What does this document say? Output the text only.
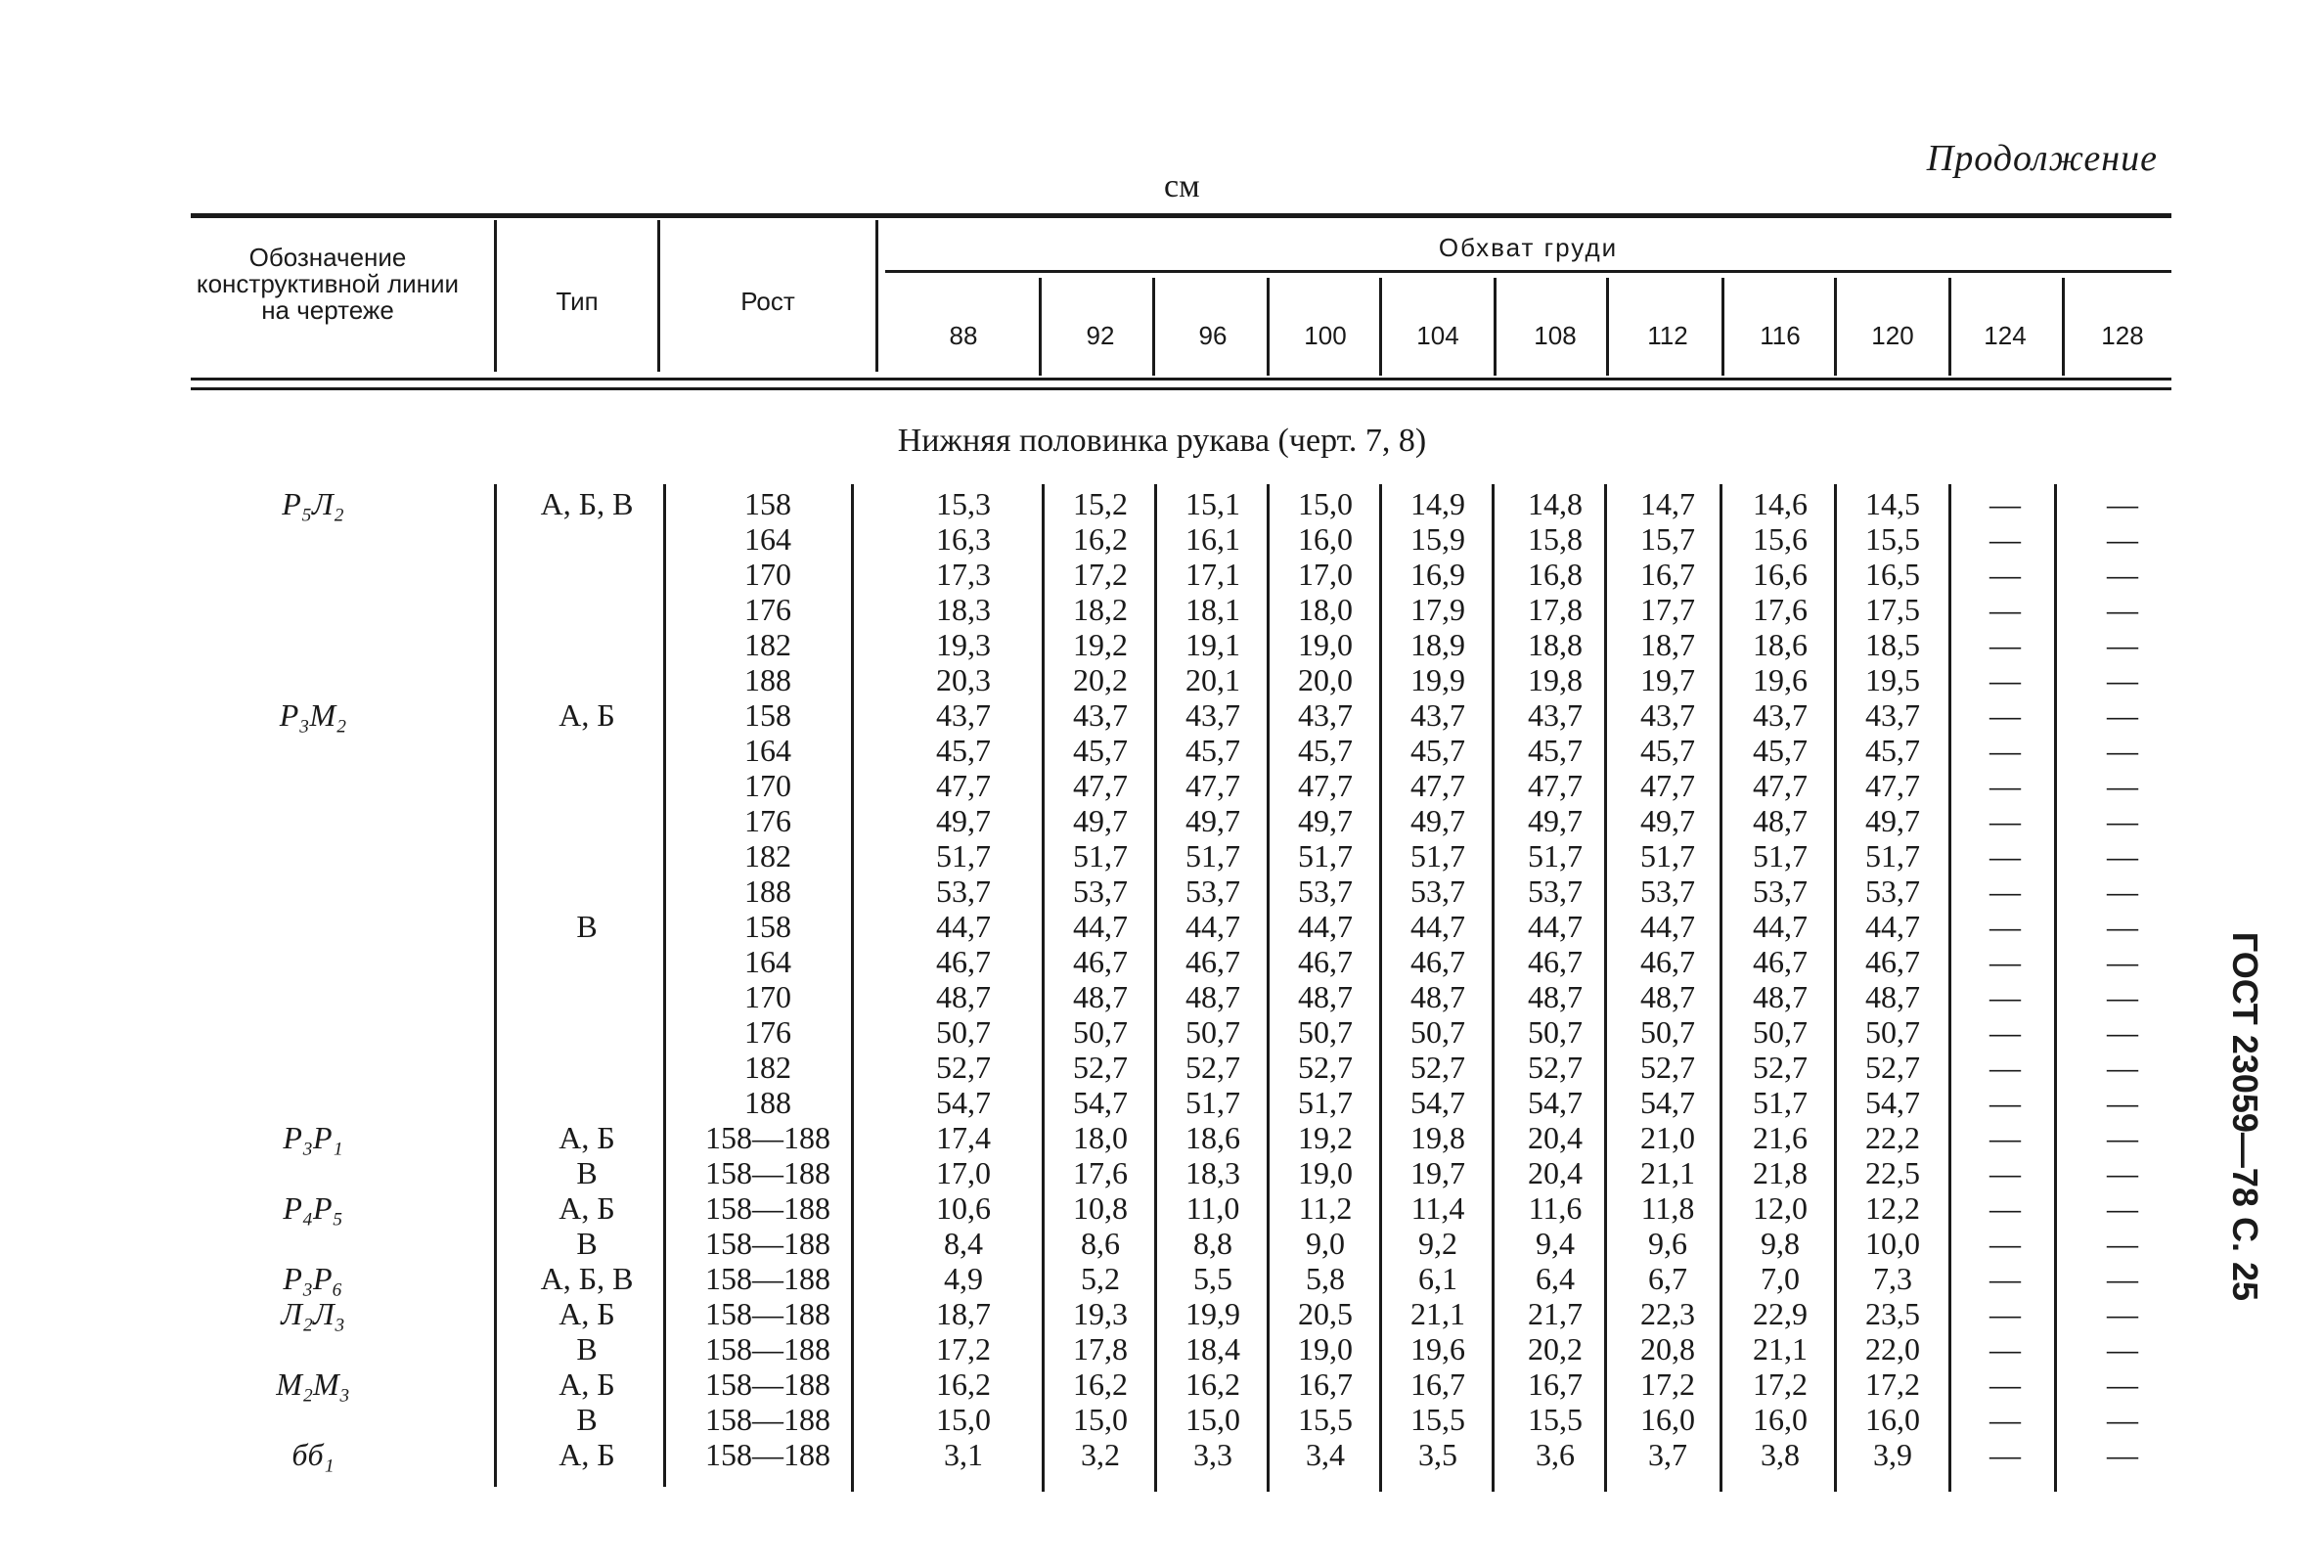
Продолжение
см
Обозначение конструктивной линии на чертеже	Тип	Рост
Обхват груди
88	92	96	100	104	108	112	116	120	124	128
Нижняя половинка рукава (черт. 7, 8)
Р₅Л₂	А, Б, В	158	15,3	15,2	15,1	15,0	14,9	14,8	14,7	14,6	14,5	—	—
164	16,3	16,2	16,1	16,0	15,9	15,8	15,7	15,6	15,5	—	—
170	17,3	17,2	17,1	17,0	16,9	16,8	16,7	16,6	16,5	—	—
176	18,3	18,2	18,1	18,0	17,9	17,8	17,7	17,6	17,5	—	—
182	19,3	19,2	19,1	19,0	18,9	18,8	18,7	18,6	18,5	—	—
188	20,3	20,2	20,1	20,0	19,9	19,8	19,7	19,6	19,5	—	—
Р₃М₂	А, Б	158	43,7	43,7	43,7	43,7	43,7	43,7	43,7	43,7	43,7	—	—
164	45,7	45,7	45,7	45,7	45,7	45,7	45,7	45,7	45,7	—	—
170	47,7	47,7	47,7	47,7	47,7	47,7	47,7	47,7	47,7	—	—
176	49,7	49,7	49,7	49,7	49,7	49,7	49,7	48,7	49,7	—	—
182	51,7	51,7	51,7	51,7	51,7	51,7	51,7	51,7	51,7	—	—
188	53,7	53,7	53,7	53,7	53,7	53,7	53,7	53,7	53,7	—	—
В	158	44,7	44,7	44,7	44,7	44,7	44,7	44,7	44,7	44,7	—	—
164	46,7	46,7	46,7	46,7	46,7	46,7	46,7	46,7	46,7	—	—
170	48,7	48,7	48,7	48,7	48,7	48,7	48,7	48,7	48,7	—	—
176	50,7	50,7	50,7	50,7	50,7	50,7	50,7	50,7	50,7	—	—
182	52,7	52,7	52,7	52,7	52,7	52,7	52,7	52,7	52,7	—	—
188	54,7	54,7	51,7	51,7	54,7	54,7	54,7	51,7	54,7	—	—
Р₃Р₁	А, Б	158—188	17,4	18,0	18,6	19,2	19,8	20,4	21,0	21,6	22,2	—	—
В	158—188	17,0	17,6	18,3	19,0	19,7	20,4	21,1	21,8	22,5	—	—
Р₄Р₅	А, Б	158—188	10,6	10,8	11,0	11,2	11,4	11,6	11,8	12,0	12,2	—	—
В	158—188	8,4	8,6	8,8	9,0	9,2	9,4	9,6	9,8	10,0	—	—
Р₃Р₆	А, Б, В	158—188	4,9	5,2	5,5	5,8	6,1	6,4	6,7	7,0	7,3	—	—
Л₂Л₃	А, Б	158—188	18,7	19,3	19,9	20,5	21,1	21,7	22,3	22,9	23,5	—	—
В	158—188	17,2	17,8	18,4	19,0	19,6	20,2	20,8	21,1	22,0	—	—
М₂М₃	А, Б	158—188	16,2	16,2	16,2	16,7	16,7	16,7	17,2	17,2	17,2	—	—
В	158—188	15,0	15,0	15,0	15,5	15,5	15,5	16,0	16,0	16,0	—	—
бб₁	А, Б	158—188	3,1	3,2	3,3	3,4	3,5	3,6	3,7	3,8	3,9	—	—
ГОСТ 23059—78 С. 25
